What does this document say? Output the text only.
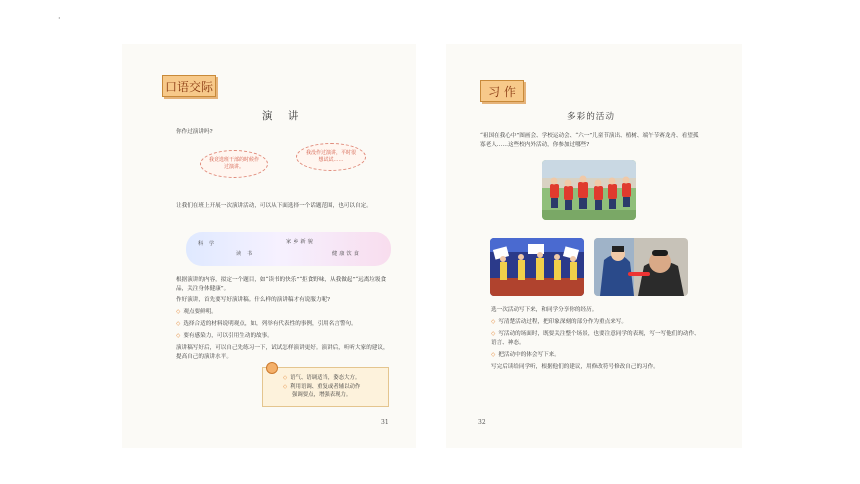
·
口语交际
演 讲
你作过演讲吗?
我竞选班干部的时候作过演讲。
我没作过演讲，平时很想试试……
让我们在班上开展一次演讲活动，可以从下面选择一个话题范围，也可以自定。
科 学
读 书
家乡新貌
健康饮食
根据演讲的内容，拟定一个题目，如“读书的快乐”“拒食野味，从我做起”“远离垃圾食品，关注身体健康”。
作好演讲，首先要写好演讲稿。什么样的演讲稿才有说服力呢?
◇ 观点要鲜明。
◇ 选择合适的材料说明观点，如，列举有代表性的事例，引用名言警句。
◇ 要有感染力，可以引用生动的故事。
演讲稿写好后，可以自己先练习一下，试试怎样演讲更好。演讲后，听听大家的建议，提高自己的演讲水平。
◇ 语气、语调适当，姿态大方。
◇ 利用语调、重复或者辅以动作
强调要点，增强表现力。
31
习 作
多彩的活动
“祖国在我心中”图画会、学校运动会、“六一”儿童节演出、植树、端午节赛龙舟、看望孤寡老人……这些校内外活动，你参加过哪些?
选一次活动写下来，和同学分享你的经历。
◇ 写清楚活动过程，把印象深刻的部分作为重点来写。
◇ 写活动的场面时，既要关注整个场景，也要注意同学的表现，写一写他们的动作、语言、神态。
◇ 把活动中的体会写下来。
写完后读给同学听，根据他们的建议，用修改符号修改自己的习作。
32
